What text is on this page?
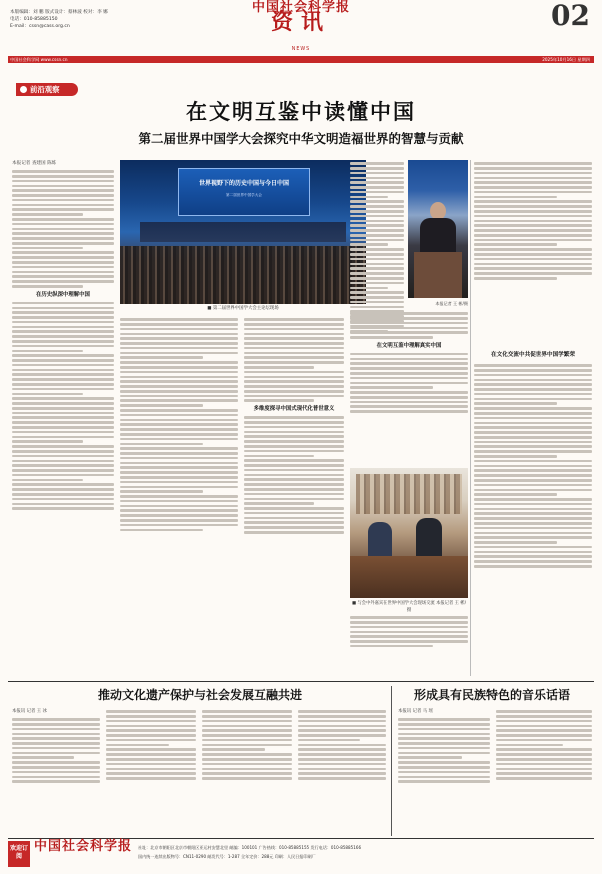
本版编辑：刘 鹏 版式设计：蔡林波 校对：李 娜
电话：010-85885150
E-mail：cssn@cass.org.cn
中国社会科学报
资讯
NEWS
02
中国社会科学网 www.cssn.cn	2025年10月16日 星期四
前沿观察
在文明互鉴中读懂中国
第二届世界中国学大会探究中华文明造福世界的智慧与贡献
本报记者 查建国 陈炼
在历史纵深中理解中国
世界视野下的历史中国与今日中国
第二届世界中国学大会
■ 第二届世界中国学大会主论坛现场
多维度探寻中国式现代化普世意义
本报记者 王 彬/摄
在文明互鉴中理解真实中国
■ 与会中外嘉宾在世界中国学大会现场交流 本报记者 王 彬/摄
在文化交流中共促世界中国学繁荣
推动文化遗产保护与社会发展互融共进	形成具有民族特色的音乐话语
本报讯 记者 王 冰	本报讯 记者 马 瑶
欢迎订阅
中国社会科学报 社址：北京市朝阳区北京市朝阳区亚运村安慧北里 邮编：100101 广告热线：010-85885155 发行电话：010-85885166
国内统一连续出版物号：CN11-0290 邮发代号：1-287 全年定价：288元 印刷：人民日报印刷厂
